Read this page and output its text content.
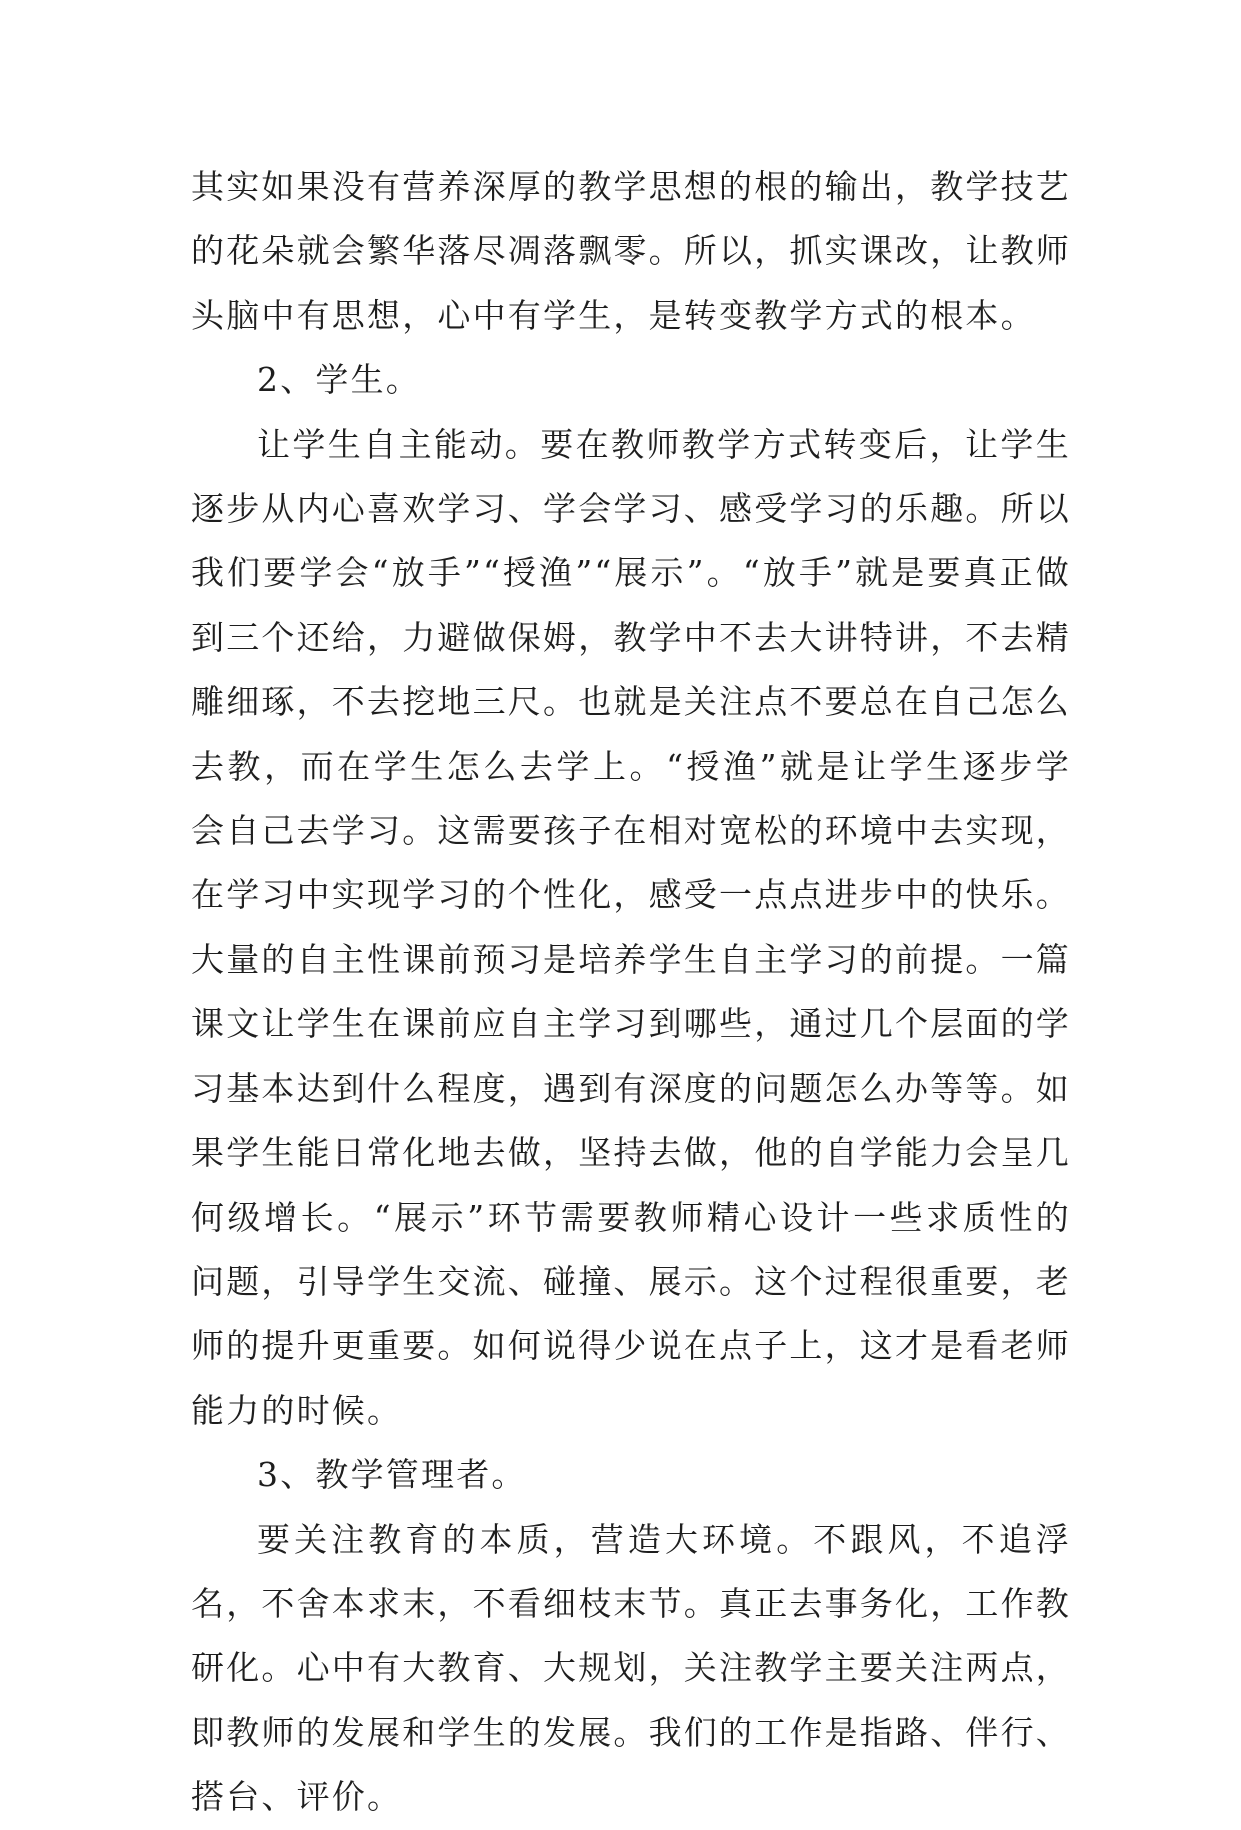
其实如果没有营养深厚的教学思想的根的输出，教学技艺的花朵就会繁华落尽凋落飘零。所以，抓实课改，让教师头脑中有思想，心中有学生，是转变教学方式的根本。

2、学生。

让学生自主能动。要在教师教学方式转变后，让学生逐步从内心喜欢学习、学会学习、感受学习的乐趣。所以我们要学会“放手”“授渔”“展示”。“放手”就是要真正做到三个还给，力避做保姆，教学中不去大讲特讲，不去精雕细琢，不去挖地三尺。也就是关注点不要总在自己怎么去教，而在学生怎么去学上。“授渔”就是让学生逐步学会自己去学习。这需要孩子在相对宽松的环境中去实现，在学习中实现学习的个性化，感受一点点进步中的快乐。大量的自主性课前预习是培养学生自主学习的前提。一篇课文让学生在课前应自主学习到哪些，通过几个层面的学习基本达到什么程度，遇到有深度的问题怎么办等等。如果学生能日常化地去做，坚持去做，他的自学能力会呈几何级增长。“展示”环节需要教师精心设计一些求质性的问题，引导学生交流、碰撞、展示。这个过程很重要，老师的提升更重要。如何说得少说在点子上，这才是看老师能力的时候。

3、教学管理者。

要关注教育的本质，营造大环境。不跟风，不追浮名，不舍本求末，不看细枝末节。真正去事务化，工作教研化。心中有大教育、大规划，关注教学主要关注两点，即教师的发展和学生的发展。我们的工作是指路、伴行、搭台、评价。
